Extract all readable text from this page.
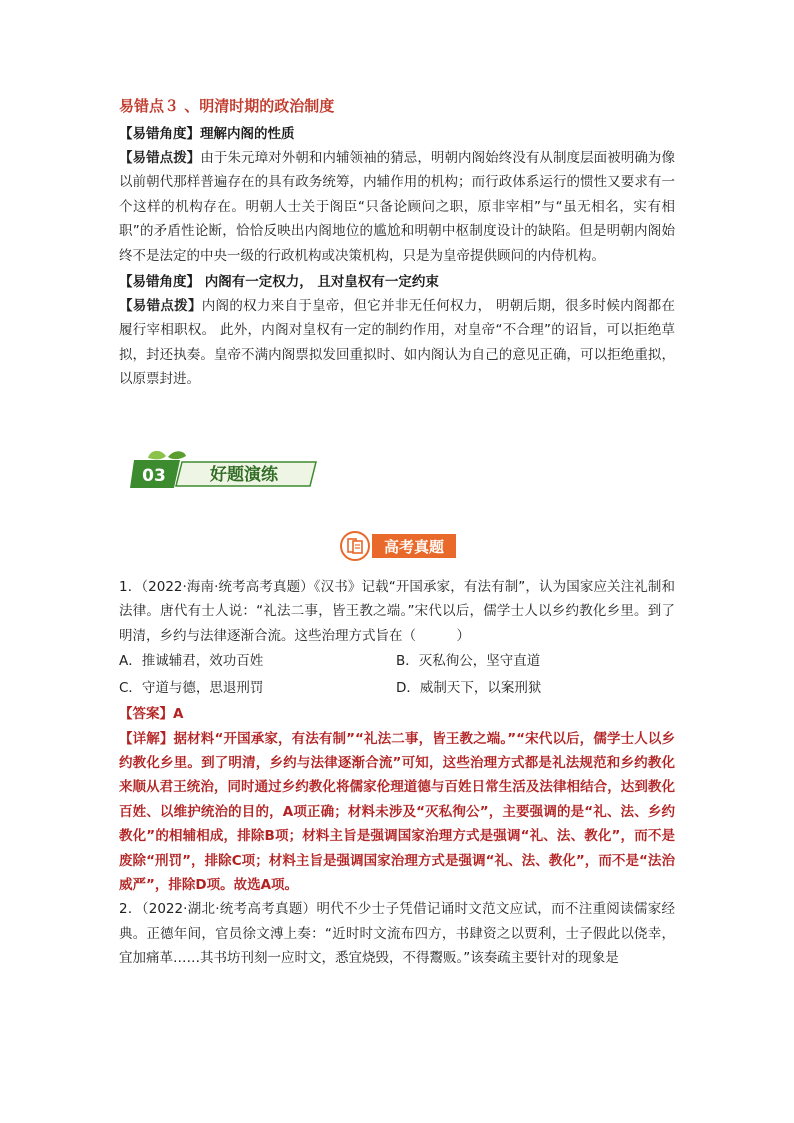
易错点３ 、明清时期的政治制度
【易错角度】理解内阁的性质

【易错点拨】由于朱元璋对外朝和内辅领袖的猜忌，明朝内阁始终没有从制度层面被明确为像以前朝代那样普遍存在的具有政务统筹，内辅作用的机构；而行政体系运行的惯性又要求有一个这样的机构存在。明朝人士关于阁臣“只备论顾问之职，原非宰相”与“虽无相名，实有相职”的矛盾性论断，恰恰反映出内阁地位的尴尬和明朝中枢制度设计的缺陷。但是明朝内阁始终不是法定的中央一级的行政机构或决策机构，只是为皇帝提供顾问的内侍机构。

【易错角度】 内阁有一定权力， 且对皇权有一定约束

【易错点拨】内阁的权力来自于皇帝，但它并非无任何权力， 明朝后期，很多时候内阁都在履行宰相职权。 此外，内阁对皇权有一定的制约作用，对皇帝“不合理”的诏旨，可以拒绝草拟，封还执奏。皇帝不满内阁票拟发回重拟时、如内阁认为自己的意见正确，可以拒绝重拟，以原票封进。

03	好题演练
高考真题

1．（2022·海南·统考高考真题）《汉书》记载“开国承家，有法有制”，认为国家应关注礼制和法律。唐代有士人说：“礼法二事，皆王教之端。”宋代以后，儒学士人以乡约教化乡里。到了明清，乡约与法律逐渐合流。这些治理方式旨在（　　　）

A．推诚辅君，效功百姓	B．灭私徇公，坚守直道
C．守道与德，思退刑罚	D．威制天下，以案刑狱

【答案】A

【详解】据材料“开国承家，有法有制”“礼法二事，皆王教之端。”“宋代以后，儒学士人以乡约教化乡里。到了明清，乡约与法律逐渐合流”可知，这些治理方式都是礼法规范和乡约教化来顺从君王统治，同时通过乡约教化将儒家伦理道德与百姓日常生活及法律相结合，达到教化百姓、以维护统治的目的，A项正确；材料未涉及“灭私徇公”，主要强调的是“礼、法、乡约教化”的相辅相成，排除B项；材料主旨是强调国家治理方式是强调“礼、法、教化”，而不是废除“刑罚”，排除C项；材料主旨是强调国家治理方式是强调“礼、法、教化”，而不是“法治威严”，排除D项。故选A项。

2．（2022·湖北·统考高考真题）明代不少士子凭借记诵时文范文应试，而不注重阅读儒家经典。正德年间，官员徐文溥上奏：“近时时文流布四方，书肆资之以贾利，士子假此以侥幸，宜加痛革……其书坊刊刻一应时文，悉宜烧毁，不得鬻贩。”该奏疏主要针对的现象是
